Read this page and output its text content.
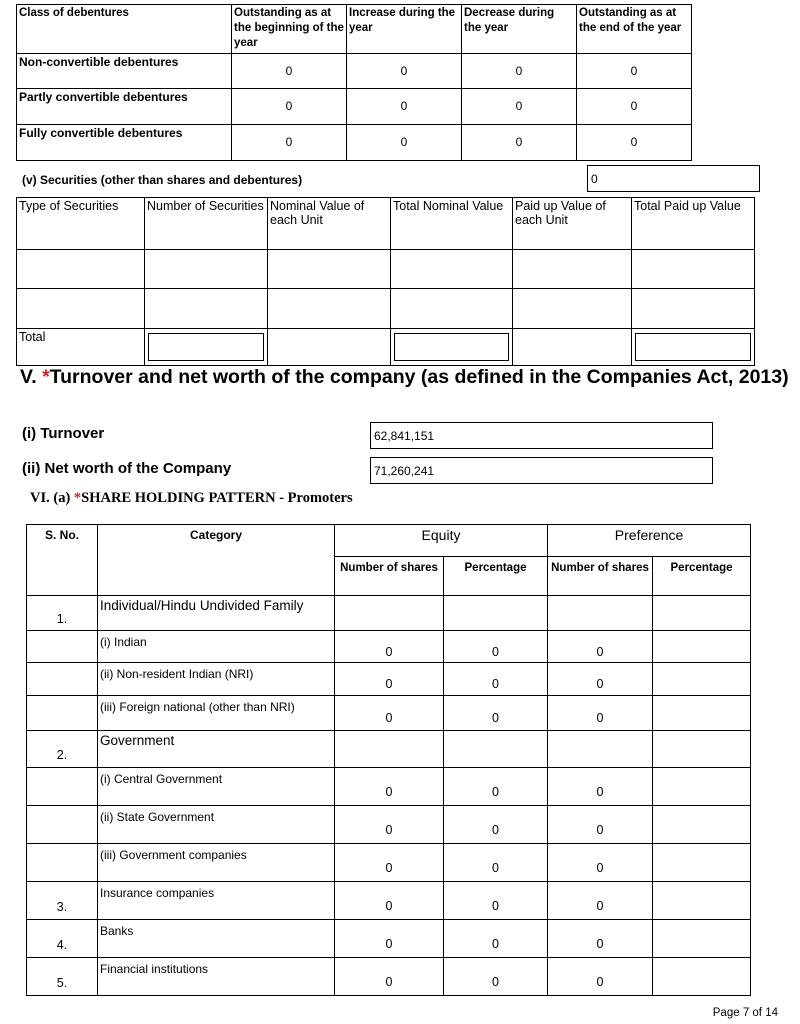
Class of debentures	Outstanding as at the beginning of the year	Increase during the year	Decrease during the year	Outstanding as at the end of the year
Non-convertible debentures	0	0	0	0
Partly convertible debentures	0	0	0	0
Fully convertible debentures	0	0	0	0
(v) Securities (other than shares and debentures)	0
Type of Securities	Number of Securities	Nominal Value of each Unit	Total Nominal Value	Paid up Value of each Unit	Total Paid up Value

Total	

V. *Turnover and net worth of the company (as defined in the Companies Act, 2013)
(i) Turnover	62,841,151
(ii) Net worth of the Company	71,260,241
VI. (a) *SHARE HOLDING PATTERN - Promoters
S. No.	Category	Equity		Preference	
		Number of shares	Percentage	Number of shares	Percentage
1.	Individual/Hindu Undivided Family				
	(i) Indian	0	0	0	
	(ii) Non-resident Indian (NRI)	0	0	0	
	(iii) Foreign national (other than NRI)	0	0	0	
2.	Government				
	(i) Central Government	0	0	0	
	(ii) State Government	0	0	0	
	(iii) Government companies	0	0	0	
3.	Insurance companies	0	0	0	
4.	Banks	0	0	0	
5.	Financial institutions	0	0	0	
Page 7 of 14
